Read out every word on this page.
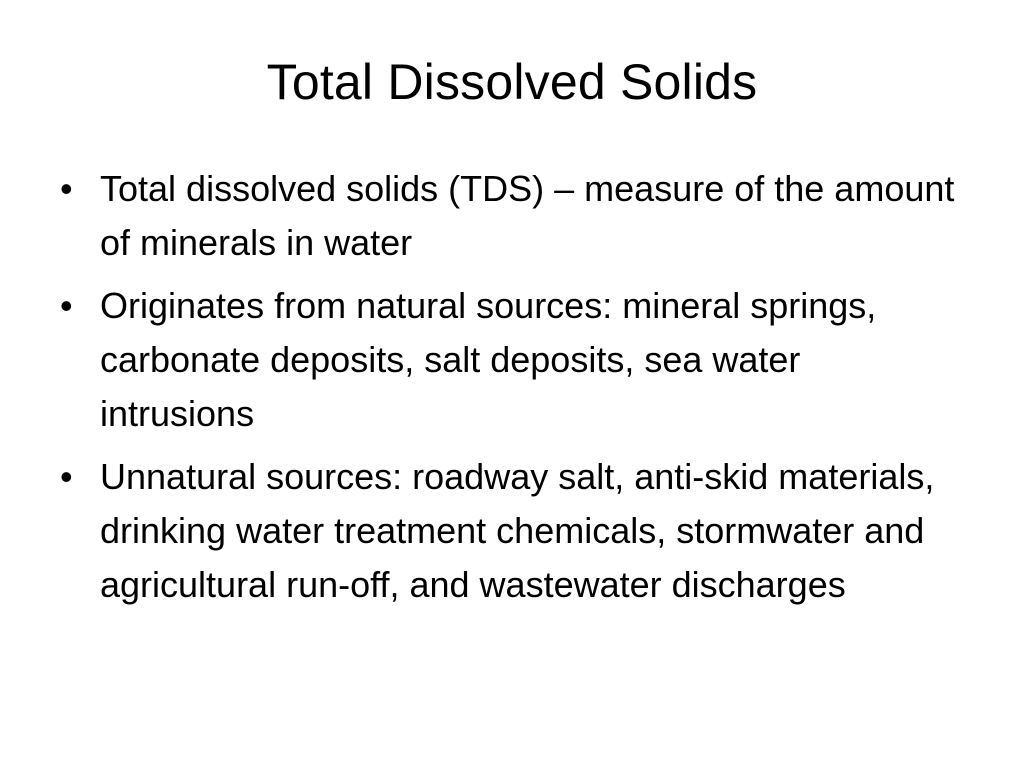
Total Dissolved Solids
• Total dissolved solids (TDS) – measure of the amount of minerals in water
• Originates from natural sources: mineral springs, carbonate deposits, salt deposits, sea water intrusions
• Unnatural sources: roadway salt, anti-skid materials, drinking water treatment chemicals, stormwater and agricultural run-off, and wastewater discharges
